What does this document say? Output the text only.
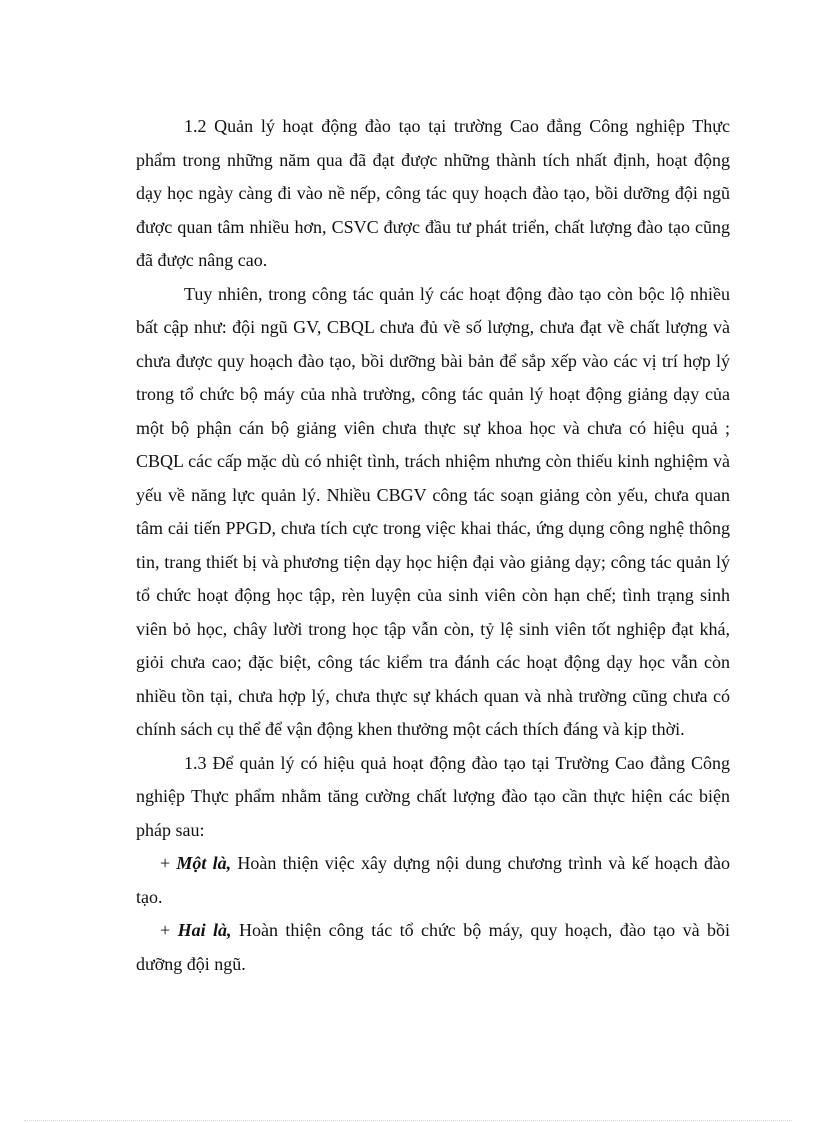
1.2 Quản lý hoạt động đào tạo tại trường Cao đẳng Công nghiệp Thực phẩm trong những năm qua đã đạt được những thành tích nhất định, hoạt động dạy học ngày càng đi vào nề nếp, công tác quy hoạch đào tạo, bồi dưỡng đội ngũ được quan tâm nhiều hơn, CSVC được đầu tư phát triển, chất lượng đào tạo cũng đã được nâng cao.

Tuy nhiên, trong công tác quản lý các hoạt động đào tạo còn bộc lộ nhiều bất cập như: đội ngũ GV, CBQL chưa đủ về số lượng, chưa đạt về chất lượng và chưa được quy hoạch đào tạo, bồi dưỡng bài bản để sắp xếp vào các vị trí hợp lý trong tổ chức bộ máy của nhà trường, công tác quản lý hoạt động giảng dạy của một bộ phận cán bộ giảng viên chưa thực sự khoa học và chưa có hiệu quả ; CBQL các cấp mặc dù có nhiệt tình, trách nhiệm nhưng còn thiếu kinh nghiệm và yếu về năng lực quản lý. Nhiều CBGV công tác soạn giảng còn yếu, chưa quan tâm cải tiến PPGD, chưa tích cực trong việc khai thác, ứng dụng công nghệ thông tin, trang thiết bị và phương tiện dạy học hiện đại vào giảng dạy; công tác quản lý tổ chức hoạt động học tập, rèn luyện của sinh viên còn hạn chế; tình trạng sinh viên bỏ học, chây lười trong học tập vẫn còn, tỷ lệ sinh viên tốt nghiệp đạt khá, giỏi chưa cao; đặc biệt, công tác kiểm tra đánh các hoạt động dạy học vẫn còn nhiều tồn tại, chưa hợp lý, chưa thực sự khách quan và nhà trường cũng chưa có chính sách cụ thể để vận động khen thưởng một cách thích đáng và kịp thời.

1.3 Để quản lý có hiệu quả hoạt động đào tạo tại Trường Cao đẳng Công nghiệp Thực phẩm nhằm tăng cường chất lượng đào tạo cần thực hiện các biện pháp sau:

+ Một là, Hoàn thiện việc xây dựng nội dung chương trình và kế hoạch đào tạo.

+ Hai là, Hoàn thiện công tác tổ chức bộ máy, quy hoạch, đào tạo và bồi dưỡng đội ngũ.
